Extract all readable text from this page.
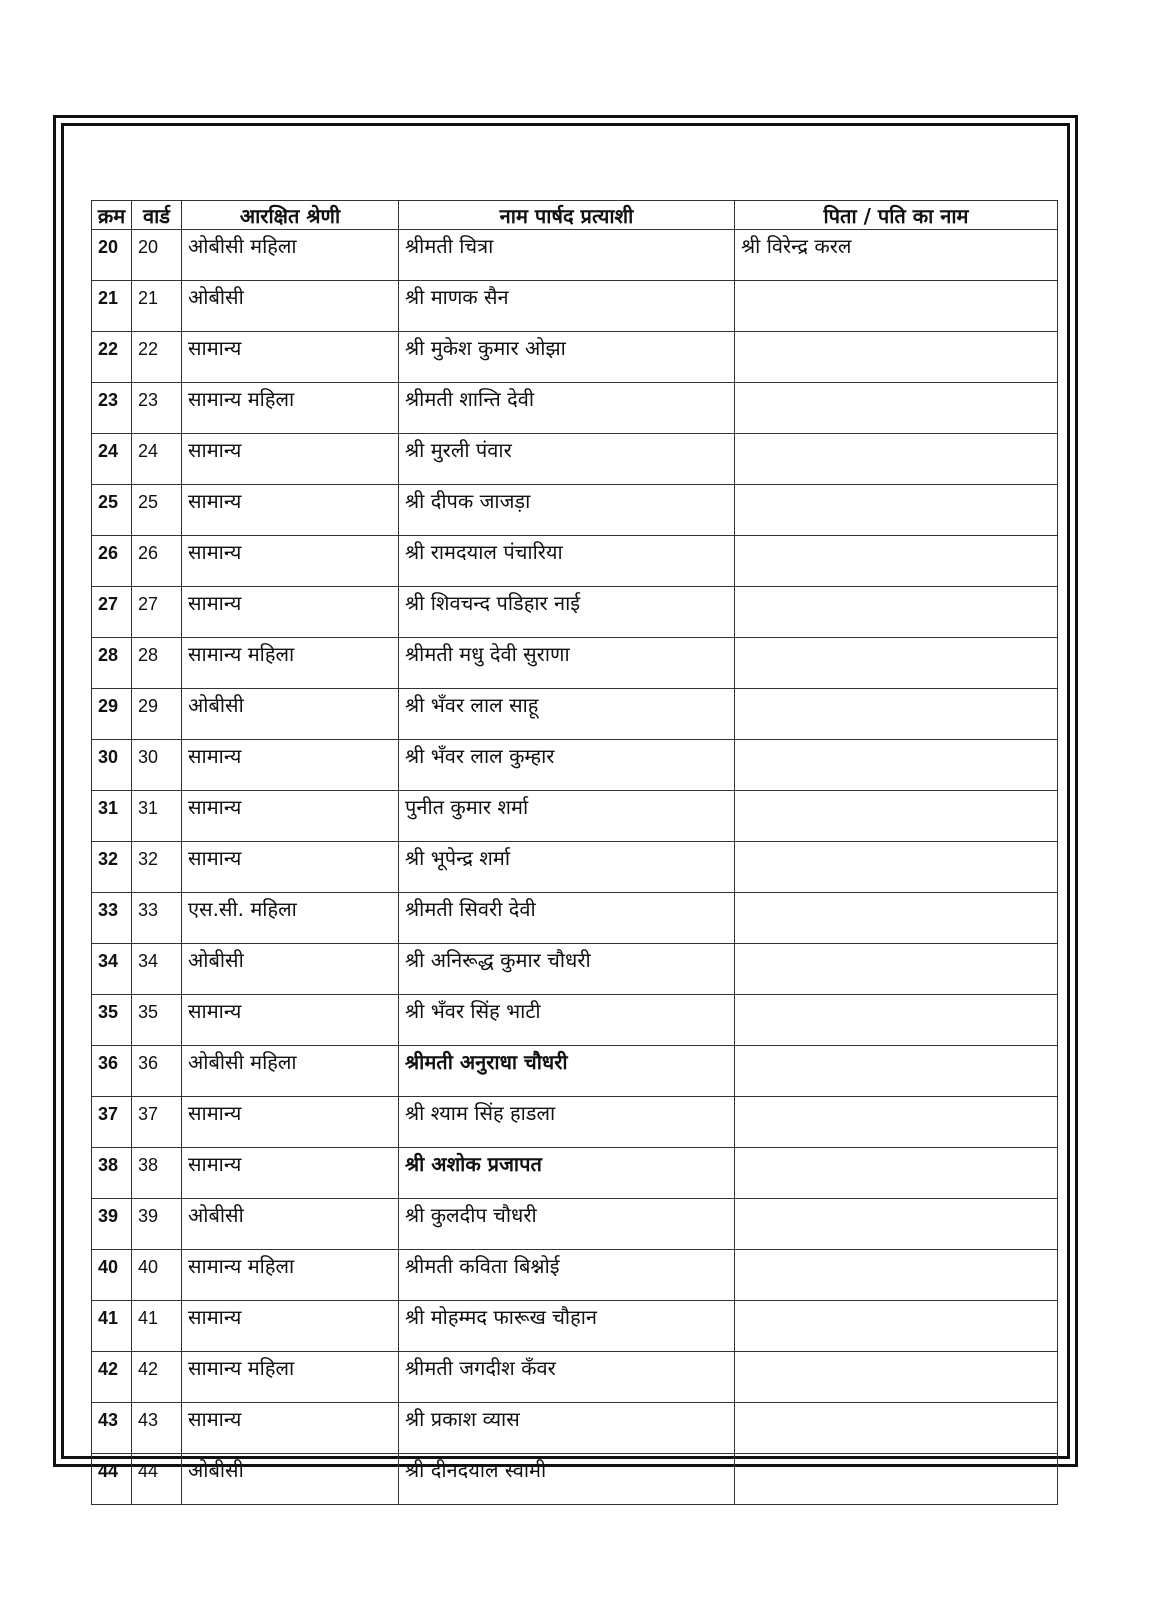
क्रम	वार्ड	आरक्षित श्रेणी	नाम पार्षद प्रत्याशी	पिता / पति का नाम
20	20	ओबीसी महिला	श्रीमती चित्रा	श्री विरेन्द्र करल
21	21	ओबीसी	श्री माणक सैन	
22	22	सामान्य	श्री मुकेश कुमार ओझा	
23	23	सामान्य महिला	श्रीमती शान्ति देवी	
24	24	सामान्य	श्री मुरली पंवार	
25	25	सामान्य	श्री दीपक जाजड़ा	
26	26	सामान्य	श्री रामदयाल पंचारिया	
27	27	सामान्य	श्री शिवचन्द पडिहार नाई	
28	28	सामान्य महिला	श्रीमती मधु देवी सुराणा	
29	29	ओबीसी	श्री भँवर लाल साहू	
30	30	सामान्य	श्री भँवर लाल कुम्हार	
31	31	सामान्य	पुनीत कुमार शर्मा	
32	32	सामान्य	श्री भूपेन्द्र शर्मा	
33	33	एस.सी. महिला	श्रीमती सिवरी देवी	
34	34	ओबीसी	श्री अनिरूद्ध कुमार चौधरी	
35	35	सामान्य	श्री भँवर सिंह भाटी	
36	36	ओबीसी महिला	श्रीमती अनुराधा चौधरी	
37	37	सामान्य	श्री श्याम सिंह हाडला	
38	38	सामान्य	श्री अशोक प्रजापत	
39	39	ओबीसी	श्री कुलदीप चौधरी	
40	40	सामान्य महिला	श्रीमती कविता बिश्नोई	
41	41	सामान्य	श्री मोहम्मद फारूख चौहान	
42	42	सामान्य महिला	श्रीमती जगदीश कँवर	
43	43	सामान्य	श्री प्रकाश व्यास	
44	44	ओबीसी	श्री दीनदयाल स्वामी	
